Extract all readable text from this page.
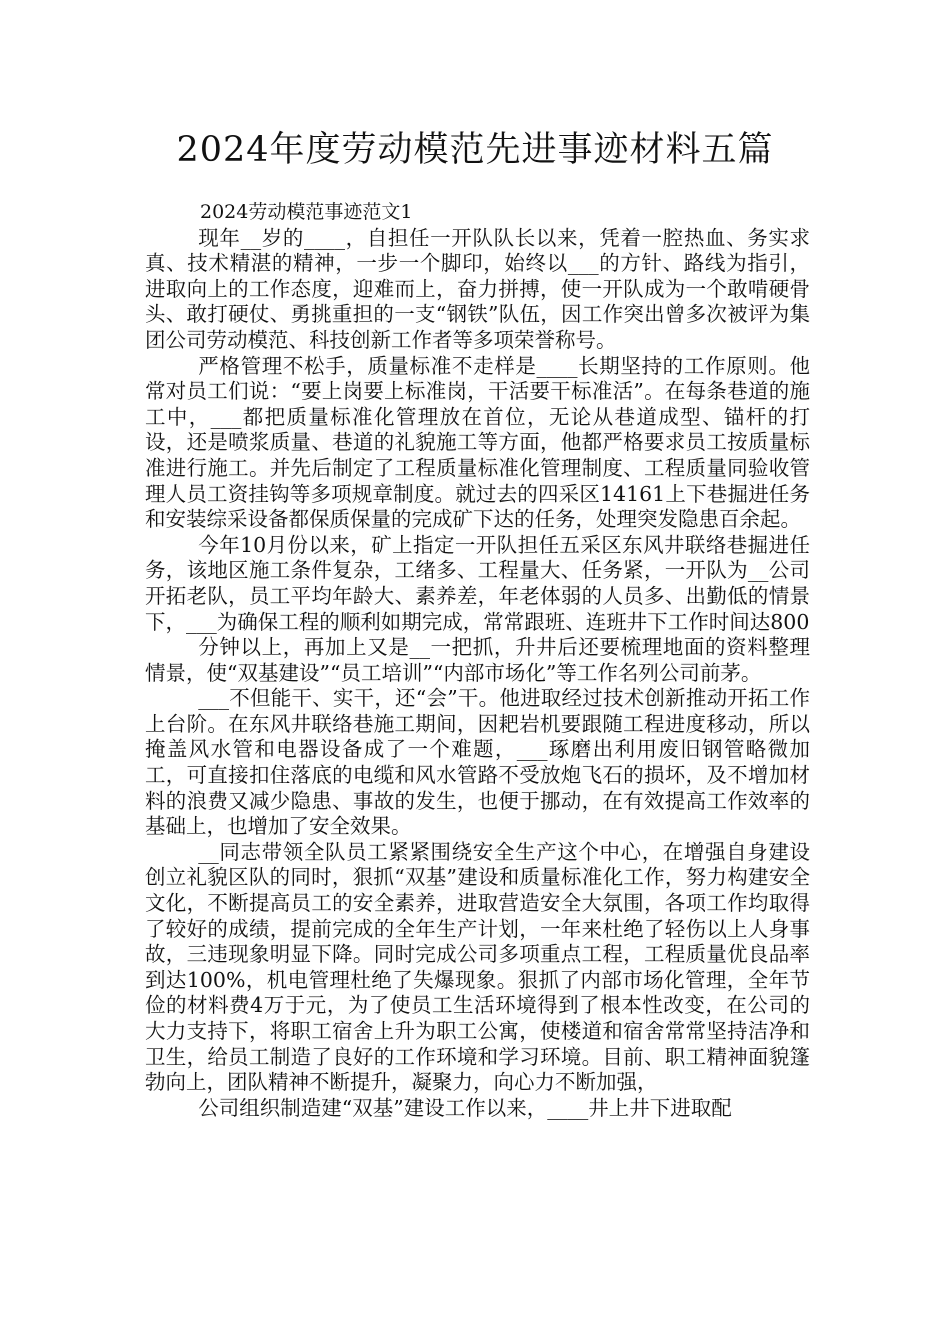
2024年度劳动模范先进事迹材料五篇

2024劳动模范事迹范文1

现年__岁的____，自担任一开队队长以来，凭着一腔热血、务实求真、技术精湛的精神，一步一个脚印，始终以___的方针、路线为指引，进取向上的工作态度，迎难而上，奋力拼搏，使一开队成为一个敢啃硬骨头、敢打硬仗、勇挑重担的一支“钢铁”队伍，因工作突出曾多次被评为集团公司劳动模范、科技创新工作者等多项荣誉称号。

严格管理不松手，质量标准不走样是____长期坚持的工作原则。他常对员工们说：“要上岗要上标准岗，干活要干标准活”。在每条巷道的施工中，___都把质量标准化管理放在首位，无论从巷道成型、锚杆的打设，还是喷浆质量、巷道的礼貌施工等方面，他都严格要求员工按质量标准进行施工。并先后制定了工程质量标准化管理制度、工程质量同验收管理人员工资挂钩等多项规章制度。就过去的四采区14161上下巷掘进任务和安装综采设备都保质保量的完成矿下达的任务，处理突发隐患百余起。

今年10月份以来，矿上指定一开队担任五采区东风井联络巷掘进任务，该地区施工条件复杂，工绪多、工程量大、任务紧，一开队为__公司开拓老队，员工平均年龄大、素养差，年老体弱的人员多、出勤低的情景下，___为确保工程的顺利如期完成，常常跟班、连班井下工作时间达800

分钟以上，再加上又是__一把抓，升井后还要梳理地面的资料整理情景，使“双基建设”“员工培训”“内部市场化”等工作名列公司前茅。

___不但能干、实干，还“会”干。他进取经过技术创新推动开拓工作上台阶。在东风井联络巷施工期间，因耙岩机要跟随工程进度移动，所以掩盖风水管和电器设备成了一个难题，___琢磨出利用废旧钢管略微加工，可直接扣住落底的电缆和风水管路不受放炮飞石的损坏，及不增加材料的浪费又减少隐患、事故的发生，也便于挪动，在有效提高工作效率的基础上，也增加了安全效果。

__同志带领全队员工紧紧围绕安全生产这个中心，在增强自身建设创立礼貌区队的同时，狠抓“双基”建设和质量标准化工作，努力构建安全文化，不断提高员工的安全素养，进取营造安全大氛围，各项工作均取得了较好的成绩，提前完成的全年生产计划，一年来杜绝了轻伤以上人身事故，三违现象明显下降。同时完成公司多项重点工程，工程质量优良品率到达100%，机电管理杜绝了失爆现象。狠抓了内部市场化管理，全年节俭的材料费4万于元，为了使员工生活环境得到了根本性改变，在公司的大力支持下，将职工宿舍上升为职工公寓，使楼道和宿舍常常坚持洁净和卫生，给员工制造了良好的工作环境和学习环境。目前、职工精神面貌篷勃向上，团队精神不断提升，凝聚力，向心力不断加强，

公司组织制造建“双基”建设工作以来，____井上井下进取配
